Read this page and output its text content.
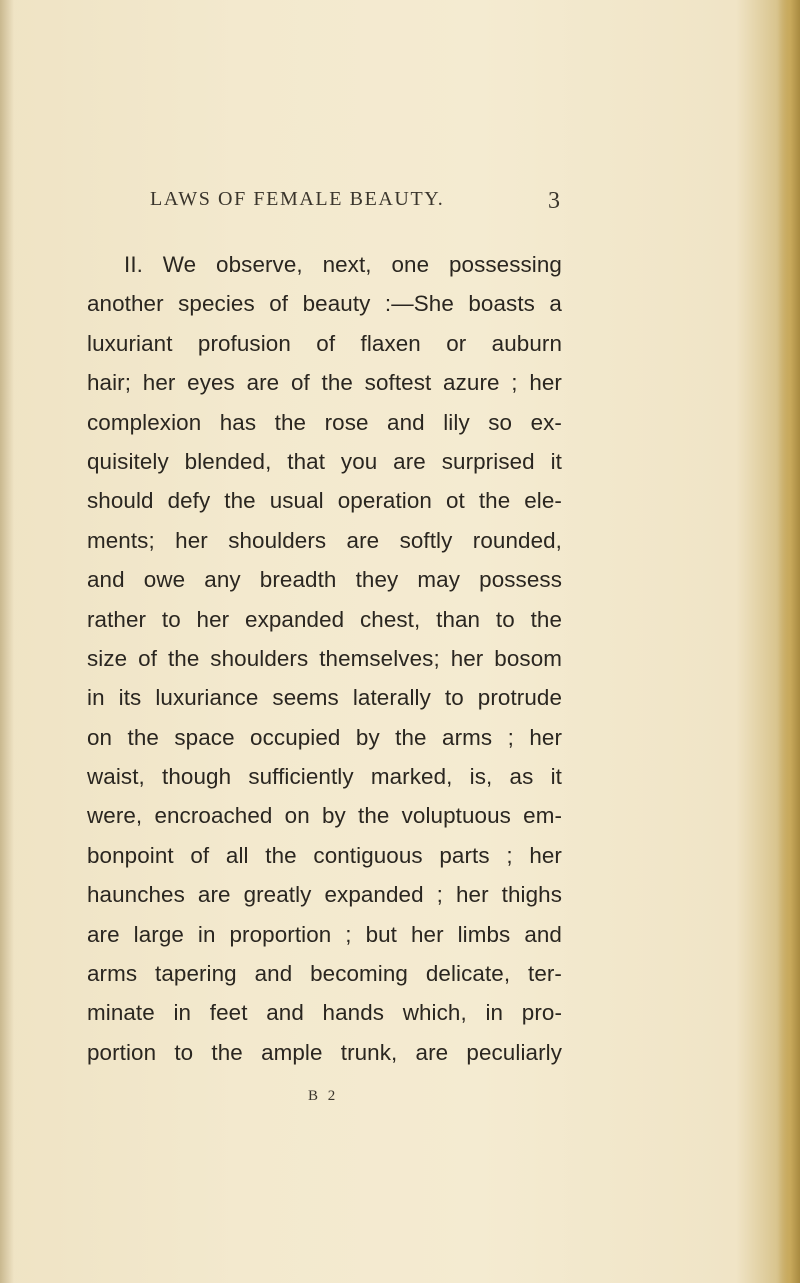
LAWS OF FEMALE BEAUTY.	3
II. We observe, next, one possessing
another species of beauty :—She boasts a
luxuriant profusion of flaxen or auburn
hair; her eyes are of the softest azure ; her
complexion has the rose and lily so ex-
quisitely blended, that you are surprised it
should defy the usual operation ot the ele-
ments; her shoulders are softly rounded,
and owe any breadth they may possess
rather to her expanded chest, than to the
size of the shoulders themselves; her bosom
in its luxuriance seems laterally to protrude
on the space occupied by the arms ; her
waist, though sufficiently marked, is, as it
were, encroached on by the voluptuous em-
bonpoint of all the contiguous parts ; her
haunches are greatly expanded ; her thighs
are large in proportion ; but her limbs and
arms tapering and becoming delicate, ter-
minate in feet and hands which, in pro-
portion to the ample trunk, are peculiarly
B 2
